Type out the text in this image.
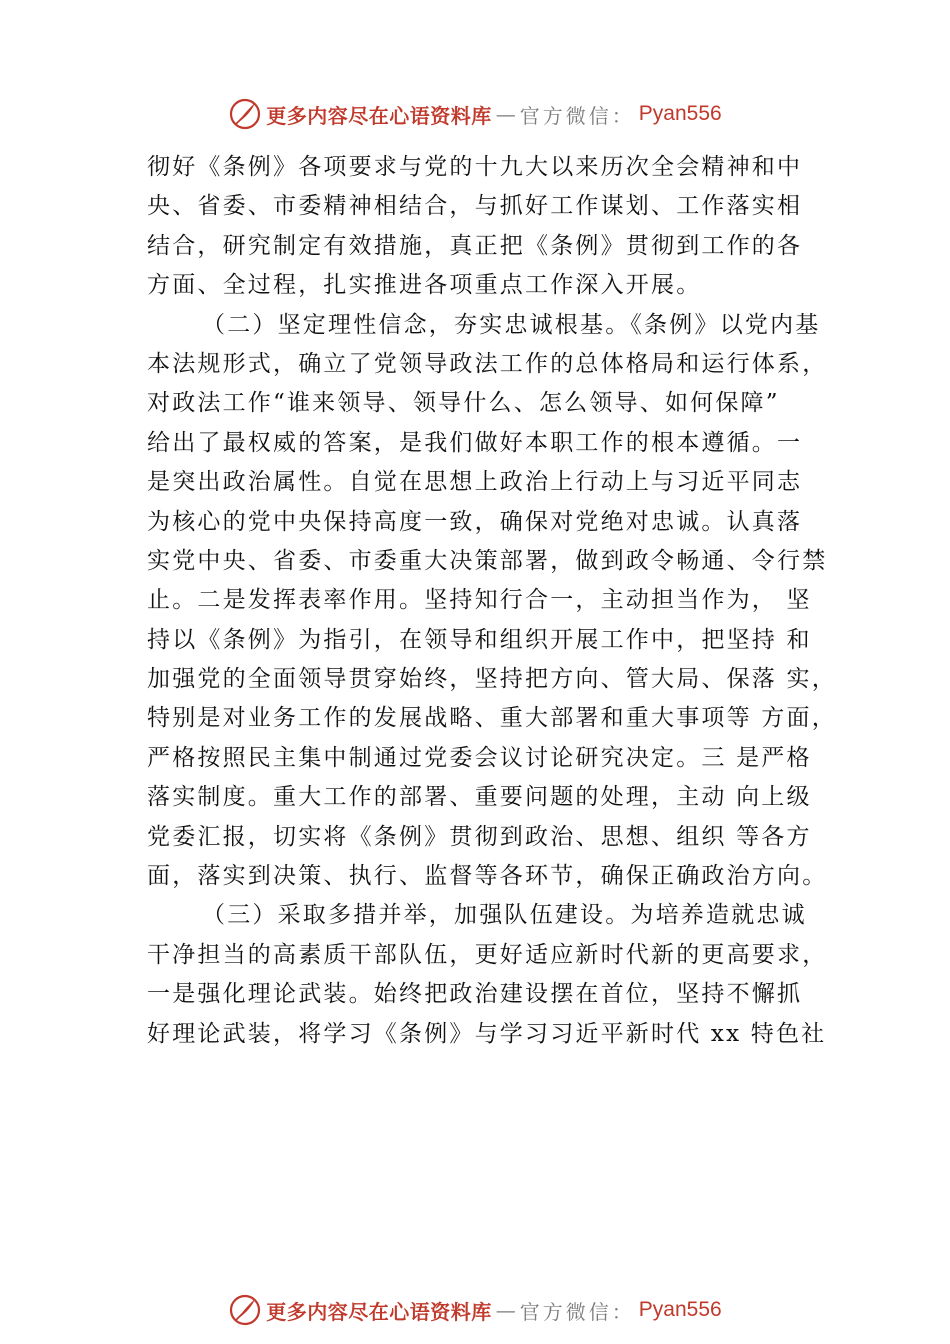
更多内容尽在心语资料库 — 官方微信： Pyan556
彻好《条例》各项要求与党的十九大以来历次全会精神和中
央、省委、市委精神相结合，与抓好工作谋划、工作落实相
结合，研究制定有效措施，真正把《条例》贯彻到工作的各
方面、全过程，扎实推进各项重点工作深入开展。
（二）坚定理性信念，夯实忠诚根基。《条例》以党内基
本法规形式，确立了党领导政法工作的总体格局和运行体系，
对政法工作“谁来领导、领导什么、怎么领导、如何保障”
给出了最权威的答案，是我们做好本职工作的根本遵循。一
是突出政治属性。自觉在思想上政治上行动上与习近平同志
为核心的党中央保持高度一致，确保对党绝对忠诚。认真落
实党中央、省委、市委重大决策部署，做到政令畅通、令行禁
止。二是发挥表率作用。坚持知行合一，主动担当作为， 坚
持以《条例》为指引，在领导和组织开展工作中，把坚持 和
加强党的全面领导贯穿始终，坚持把方向、管大局、保落 实，
特别是对业务工作的发展战略、重大部署和重大事项等 方面，
严格按照民主集中制通过党委会议讨论研究决定。三 是严格
落实制度。重大工作的部署、重要问题的处理，主动 向上级
党委汇报，切实将《条例》贯彻到政治、思想、组织 等各方
面，落实到决策、执行、监督等各环节，确保正确政治方向。
（三）采取多措并举，加强队伍建设。为培养造就忠诚
干净担当的高素质干部队伍，更好适应新时代新的更高要求，
一是强化理论武装。始终把政治建设摆在首位，坚持不懈抓
好理论武装，将学习《条例》与学习习近平新时代 xx 特色社
更多内容尽在心语资料库 — 官方微信： Pyan556
